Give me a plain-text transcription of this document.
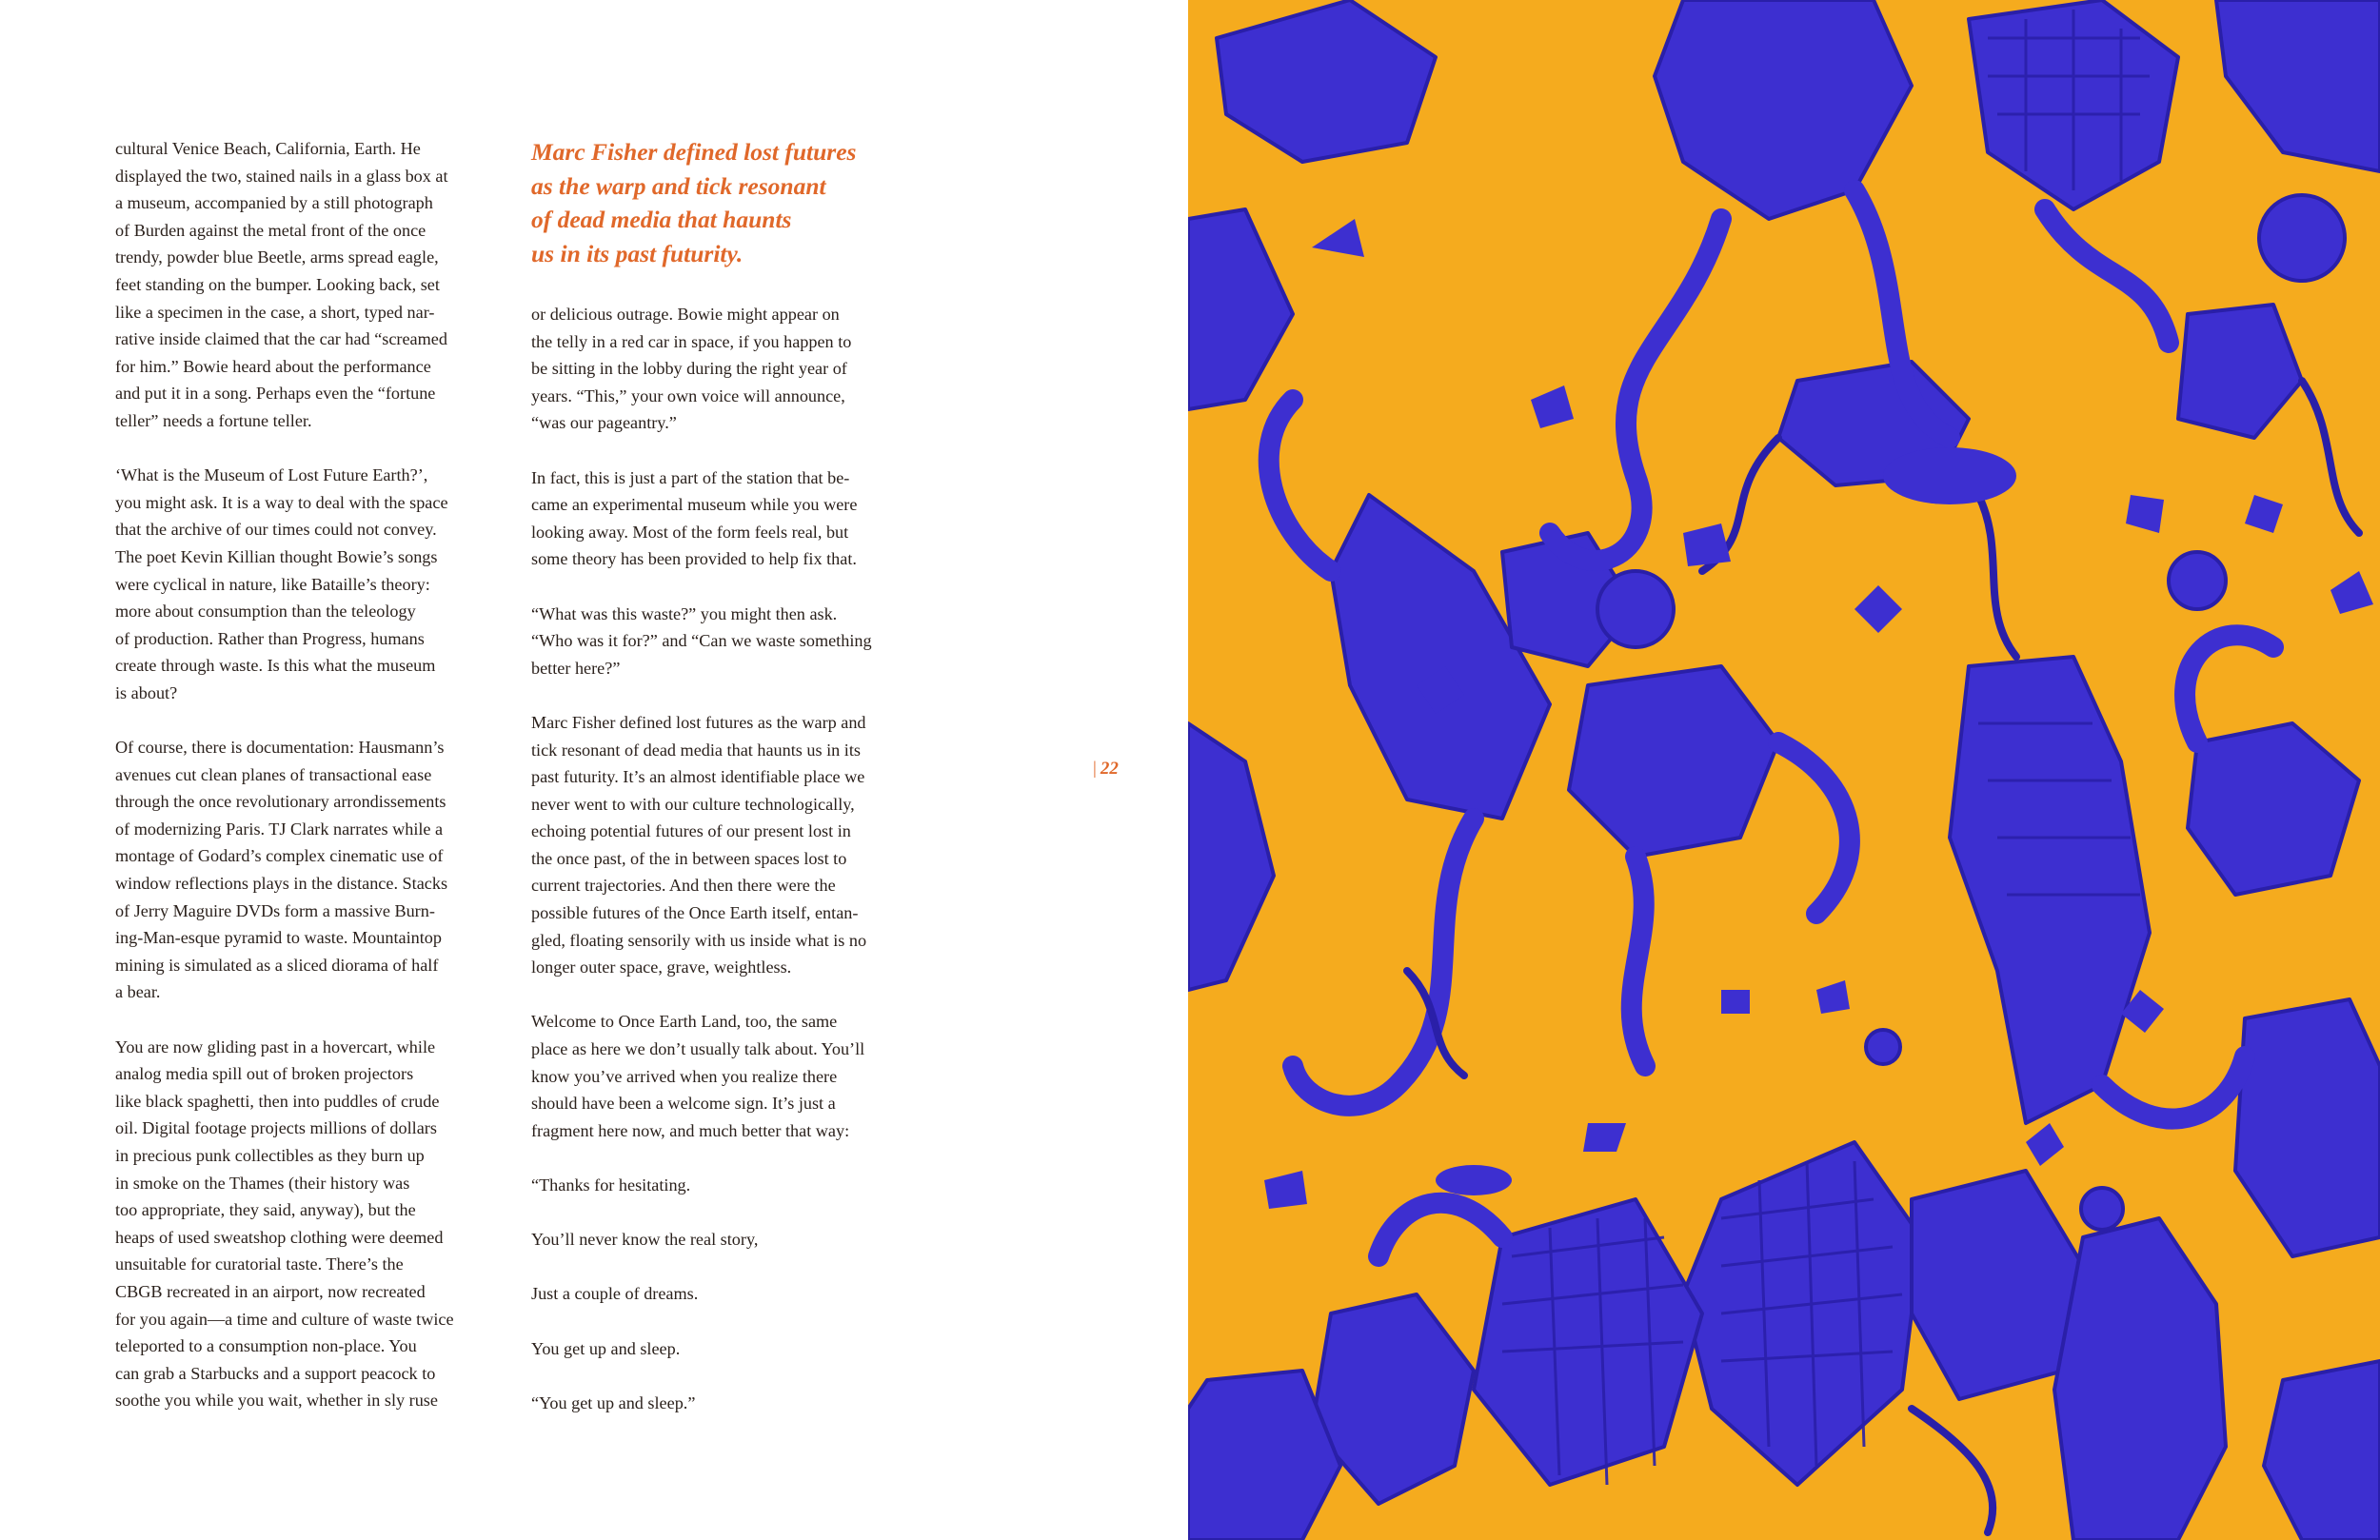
cultural Venice Beach, California, Earth. He
displayed the two, stained nails in a glass box at
a museum, accompanied by a still photograph
of Burden against the metal front of the once
trendy, powder blue Beetle, arms spread eagle,
feet standing on the bumper. Looking back, set
like a specimen in the case, a short, typed nar-
rative inside claimed that the car had “screamed
for him.” Bowie heard about the performance
and put it in a song. Perhaps even the “fortune
teller” needs a fortune teller.

‘What is the Museum of Lost Future Earth?’,
you might ask. It is a way to deal with the space
that the archive of our times could not convey.
The poet Kevin Killian thought Bowie’s songs
were cyclical in nature, like Bataille’s theory:
more about consumption than the teleology
of production. Rather than Progress, humans
create through waste. Is this what the museum
is about?

Of course, there is documentation: Hausmann’s
avenues cut clean planes of transactional ease
through the once revolutionary arrondissements
of modernizing Paris. TJ Clark narrates while a
montage of Godard’s complex cinematic use of
window reflections plays in the distance. Stacks
of Jerry Maguire DVDs form a massive Burn-
ing-Man-esque pyramid to waste. Mountaintop
mining is simulated as a sliced diorama of half
a bear.

You are now gliding past in a hovercart, while
analog media spill out of broken projectors
like black spaghetti, then into puddles of crude
oil. Digital footage projects millions of dollars
in precious punk collectibles as they burn up
in smoke on the Thames (their history was
too appropriate, they said, anyway), but the
heaps of used sweatshop clothing were deemed
unsuitable for curatorial taste. There’s the
CBGB recreated in an airport, now recreated
for you again—a time and culture of waste twice
teleported to a consumption non-place. You
can grab a Starbucks and a support peacock to
soothe you while you wait, whether in sly ruse

Marc Fisher defined lost futures
as the warp and tick resonant
of dead media that haunts
us in its past futurity.

or delicious outrage. Bowie might appear on
the telly in a red car in space, if you happen to
be sitting in the lobby during the right year of
years. “This,” your own voice will announce,
“was our pageantry.”

In fact, this is just a part of the station that be-
came an experimental museum while you were
looking away. Most of the form feels real, but
some theory has been provided to help fix that.

“What was this waste?” you might then ask.
“Who was it for?” and “Can we waste something
better here?”

Marc Fisher defined lost futures as the warp and
tick resonant of dead media that haunts us in its
past futurity. It’s an almost identifiable place we
never went to with our culture technologically,
echoing potential futures of our present lost in
the once past, of the in between spaces lost to
current trajectories. And then there were the
possible futures of the Once Earth itself, entan-
gled, floating sensorily with us inside what is no
longer outer space, grave, weightless.

Welcome to Once Earth Land, too, the same
place as here we don’t usually talk about. You’ll
know you’ve arrived when you realize there
should have been a welcome sign. It’s just a
fragment here now, and much better that way:

“Thanks for hesitating.

You’ll never know the real story,

Just a couple of dreams.

You get up and sleep.

“You get up and sleep.”

| 22
